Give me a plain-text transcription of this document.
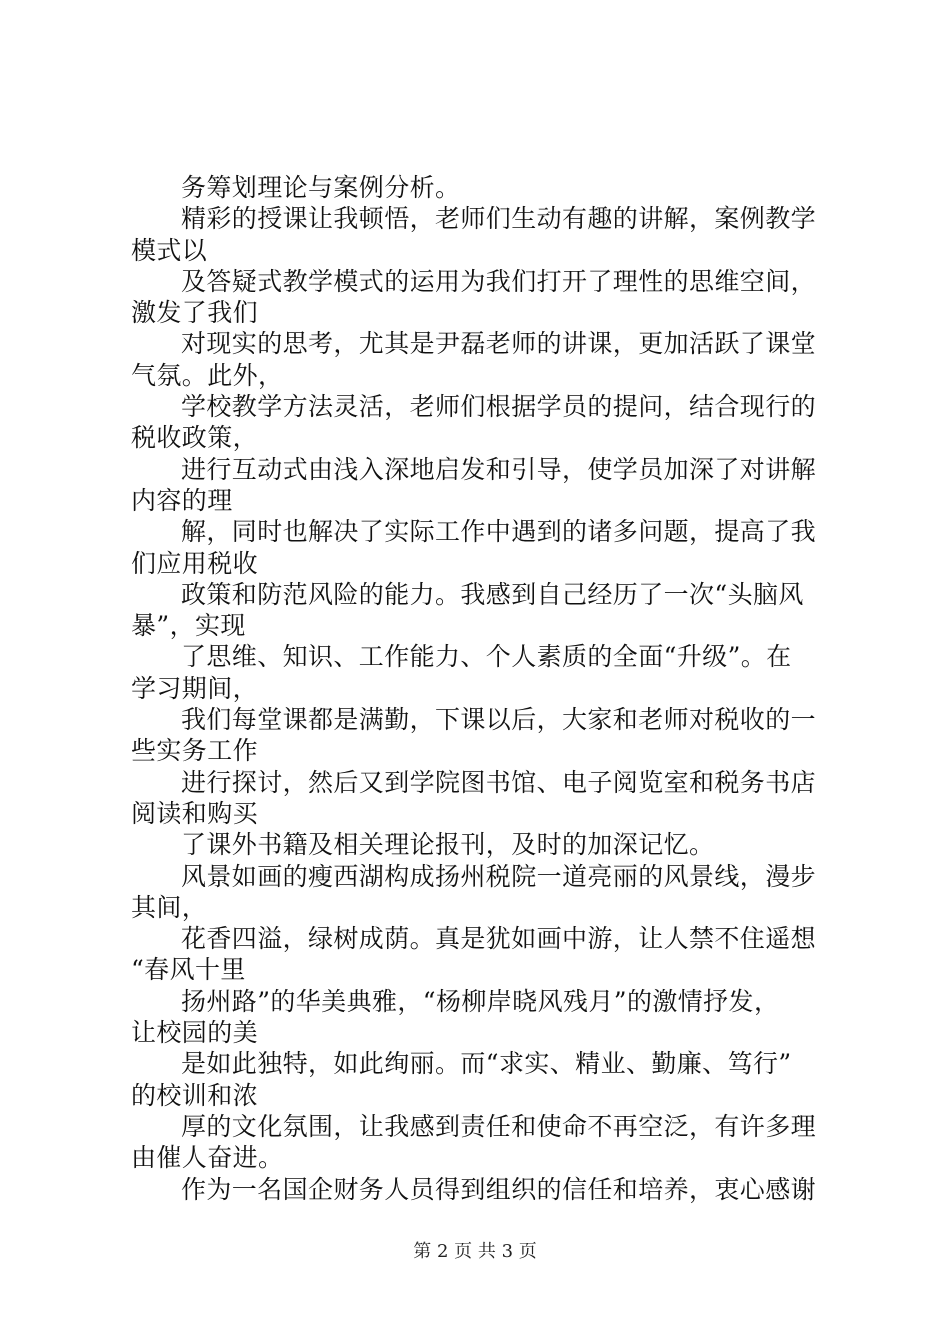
务筹划理论与案例分析。
精彩的授课让我顿悟，老师们生动有趣的讲解，案例教学
模式以
及答疑式教学模式的运用为我们打开了理性的思维空间，
激发了我们
对现实的思考，尤其是尹磊老师的讲课，更加活跃了课堂
气氛。此外，
学校教学方法灵活，老师们根据学员的提问，结合现行的
税收政策，
进行互动式由浅入深地启发和引导，使学员加深了对讲解
内容的理
解，同时也解决了实际工作中遇到的诸多问题，提高了我
们应用税收
政策和防范风险的能力。我感到自己经历了一次“头脑风
暴”，实现
了思维、知识、工作能力、个人素质的全面“升级”。在
学习期间，
我们每堂课都是满勤，下课以后，大家和老师对税收的一
些实务工作
进行探讨，然后又到学院图书馆、电子阅览室和税务书店
阅读和购买
了课外书籍及相关理论报刊，及时的加深记忆。
风景如画的瘦西湖构成扬州税院一道亮丽的风景线，漫步
其间，
花香四溢，绿树成荫。真是犹如画中游，让人禁不住遥想
“春风十里
扬州路”的华美典雅，“杨柳岸晓风残月”的激情抒发，
让校园的美
是如此独特，如此绚丽。而“求实、精业、勤廉、笃行”
的校训和浓
厚的文化氛围，让我感到责任和使命不再空泛，有许多理
由催人奋进。
作为一名国企财务人员得到组织的信任和培养，衷心感谢
第 2 页 共 3 页
